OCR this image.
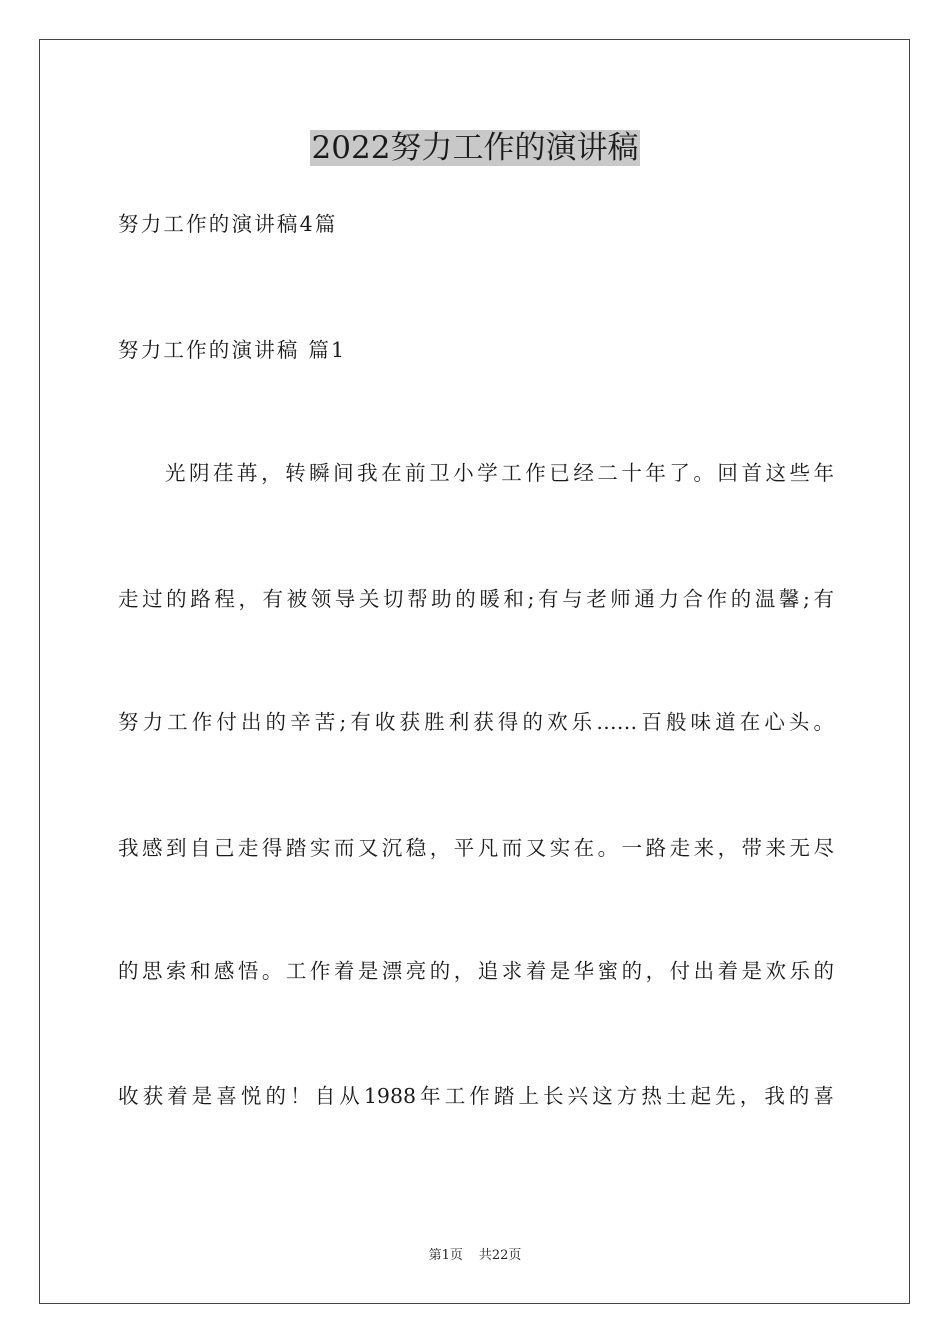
2022努力工作的演讲稿
努力工作的演讲稿4篇
努力工作的演讲稿 篇1
光阴荏苒，转瞬间我在前卫小学工作已经二十年了。回首这些年
走过的路程，有被领导关切帮助的暖和;有与老师通力合作的温馨;有
努力工作付出的辛苦;有收获胜利获得的欢乐……百般味道在心头。
我感到自己走得踏实而又沉稳，平凡而又实在。一路走来，带来无尽
的思索和感悟。工作着是漂亮的，追求着是华蜜的，付出着是欢乐的
收获着是喜悦的！自从1988年工作踏上长兴这方热土起先，我的喜
第1页 共22页
